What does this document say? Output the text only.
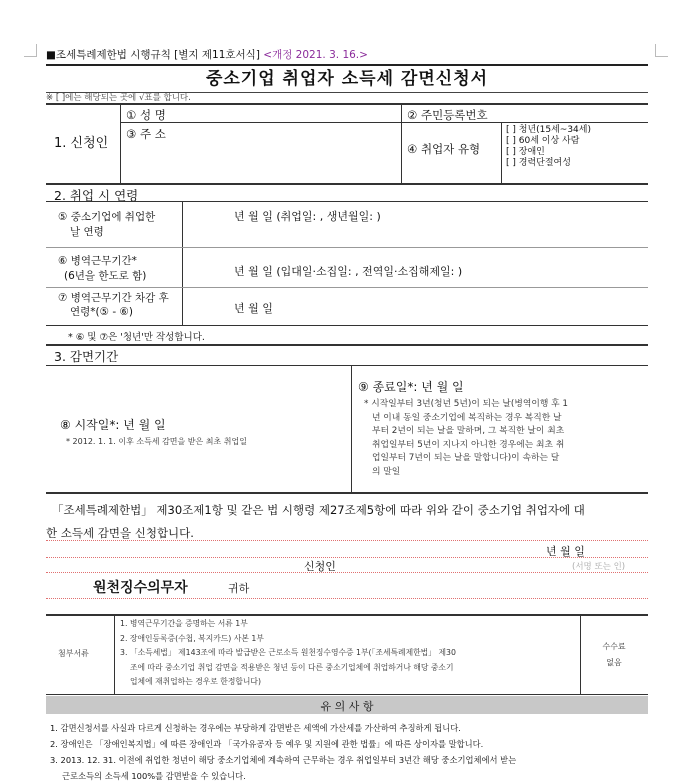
■조세특례제한법 시행규칙 [별지 제11호서식] <개정 2021. 3. 16.>
중소기업 취업자 소득세 감면신청서
※ [ ]에는 해당되는 곳에 √표를 합니다.
1. 신청인
① 성 명	② 주민등록번호
③ 주 소
④ 취업자 유형
[ ] 청년(15세~34세)
[ ] 60세 이상 사람
[ ] 장애인
[ ] 경력단절여성
2. 취업 시 연령
⑤ 중소기업에 취업한
날 연령
년 월 일 (취업일: , 생년월일: )
⑥ 병역근무기간*
(6년을 한도로 함)	년 월 일 (입대일·소집일: , 전역일·소집해제일: )
⑦ 병역근무기간 차감 후
연령*(⑤ - ⑥)	년 월 일
* ⑥ 및 ⑦은 '청년'만 작성합니다.
3. 감면기간
⑧ 시작일*: 년 월 일
* 2012. 1. 1. 이후 소득세 감면을 받은 최초 취업일
⑨ 종료일*: 년 월 일
* 시작일부터 3년(청년 5년)이 되는 날(병역이행 후 1
년 이내 동일 중소기업에 복직하는 경우 복직한 날
부터 2년이 되는 날을 말하며, 그 복직한 날이 최초
취업일부터 5년이 지나지 아니한 경우에는 최초 취
업일부터 7년이 되는 날을 말합니다)이 속하는 달
의 말일
「조세특례제한법」 제30조제1항 및 같은 법 시행령 제27조제5항에 따라 위와 같이 중소기업 취업자에 대
한 소득세 감면을 신청합니다.
년 월 일
신청인	(서명 또는 인)
원천징수의무자	귀하
첨부서류
1. 병역근무기간을 증명하는 서류 1부
2. 장애인등록증(수첩, 복지카드) 사본 1부
3. 「소득세법」 제143조에 따라 발급받은 근로소득 원천징수영수증 1부(「조세특례제한법」 제30
조에 따라 중소기업 취업 감면을 적용받은 청년 등이 다른 중소기업체에 취업하거나 해당 중소기
업체에 재취업하는 경우로 한정합니다)
수수료
없음
유 의 사 항
1. 감면신청서를 사실과 다르게 신청하는 경우에는 부당하게 감면받은 세액에 가산세를 가산하여 추징하게 됩니다.
2. 장애인은 「장애인복지법」에 따른 장애인과 「국가유공자 등 예우 및 지원에 관한 법률」에 따른 상이자를 말합니다.
3. 2013. 12. 31. 이전에 취업한 청년이 해당 중소기업체에 계속하여 근무하는 경우 취업일부터 3년간 해당 중소기업체에서 받는
근로소득의 소득세 100%를 감면받을 수 있습니다.
